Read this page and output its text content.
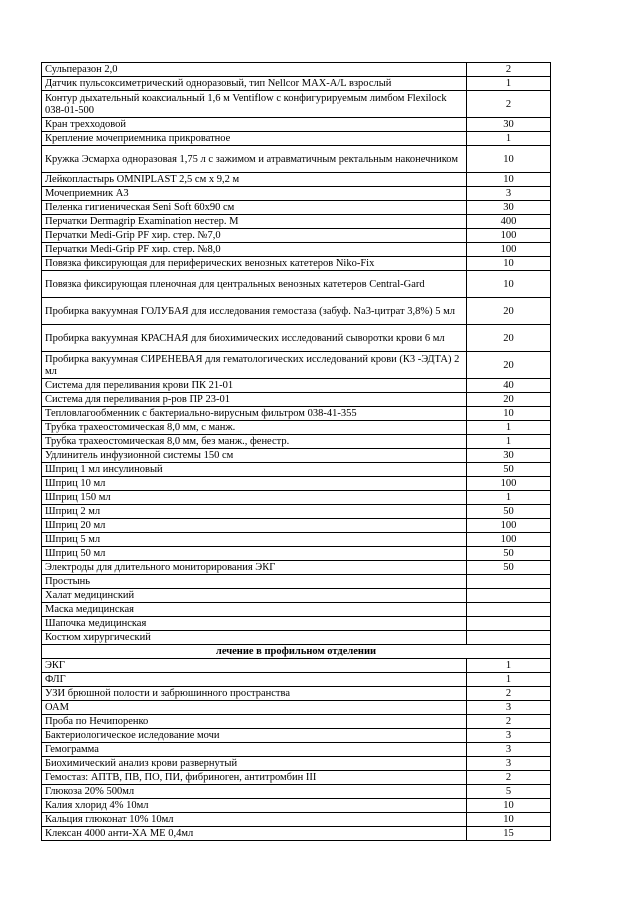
Сульперазон 2,0	2
Датчик пульсоксиметрический одноразовый, тип Nellcor MAX-A/L взрослый	1
Контур дыхательный коаксиальный 1,6 м Ventiflow с конфигурируемым лимбом Flexilock 038-01-500	2
Кран трехходовой	30
Крепление мочеприемника прикроватное	1
Кружка Эсмарха одноразовая 1,75 л с зажимом и атравматичным ректальным наконечником	10
Лейкопластырь OMNIPLAST 2,5 см х 9,2 м	10
Мочеприемник А3	3
Пеленка гигиеническая Seni Soft 60х90 см	30
Перчатки Dermagrip Examination нестер. М	400
Перчатки Medi-Grip PF хир. стер. №7,0	100
Перчатки Medi-Grip PF хир. стер. №8,0	100
Повязка фиксирующая для периферических венозных катетеров Niko-Fix	10
Повязка фиксирующая пленочная для центральных венозных катетеров Central-Gard	10
Пробирка вакуумная ГОЛУБАЯ для исследования гемостаза (забуф. Na3-цитрат 3,8%) 5 мл	20
Пробирка вакуумная КРАСНАЯ для биохимических исследований сыворотки крови 6 мл	20
Пробирка вакуумная СИРЕНЕВАЯ для гематологических исследований крови (К3 -ЭДТА) 2 мл	20
Система для переливания крови ПК 21-01	40
Система для переливания р-ров ПР 23-01	20
Тепловлагообменник с бактериально-вирусным фильтром 038-41-355	10
Трубка трахеостомическая 8,0 мм, с манж.	1
Трубка трахеостомическая 8,0 мм, без манж., фенестр.	1
Удлинитель инфузионной системы 150 см	30
Шприц 1 мл инсулиновый	50
Шприц 10 мл	100
Шприц 150 мл	1
Шприц 2 мл	50
Шприц 20 мл	100
Шприц 5 мл	100
Шприц 50 мл	50
Электроды для длительного мониторирования ЭКГ	50
Простынь	
Халат медицинский	
Маска медицинская	
Шапочка медицинская	
Костюм хирургический	
лечение в профильном отделении	
ЭКГ	1
ФЛГ	1
УЗИ брюшной полости и забрюшинного пространства	2
ОАМ	3
Проба по Нечипоренко	2
Бактериологическое иследование мочи	3
Гемограмма	3
Биохимический анализ крови развернутый	3
Гемостаз: АПТВ, ПВ, ПО, ПИ, фибриноген, антитромбин III	2
Глюкоза 20% 500мл	5
Калия хлорид 4% 10мл	10
Кальция глюконат 10% 10мл	10
Клексан 4000 анти-ХА МЕ 0,4мл	15
